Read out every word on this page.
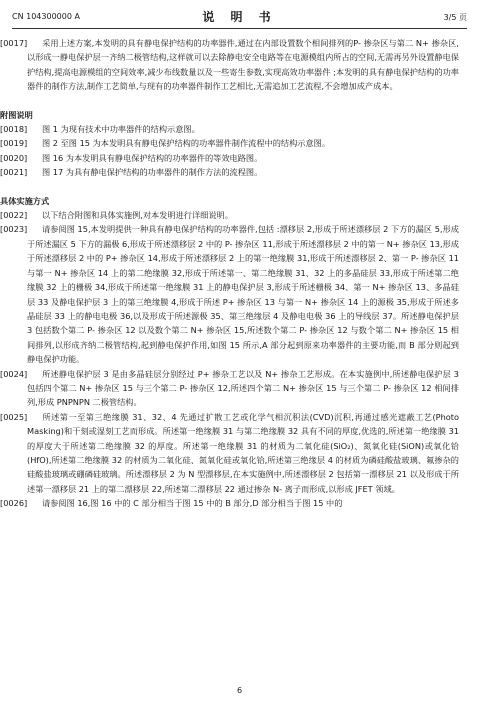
CN 104300000 A	说 明 书	3/5 页

[0017] 采用上述方案,本发明的具有静电保护结构的功率器件,通过在内部设置数个相间排列的P- 掺杂区与第二 N+ 掺杂区,以形成一静电保护层一齐纳二极管结构,这样就可以去除静电安全电路等在电源模组内所占的空间,无需再另外设置静电保护结构,提高电源模组的空间效率,减少布线数量以及一些寄生参数,实现高效功率器件 ;本发明的具有静电保护结构的功率器件的制作方法,制作工艺简单,与现有的功率器件制作工艺相比,无需追加工艺流程,不会增加成产成本。

附图说明

[0018] 图 1 为现有技术中功率器件的结构示意图。

[0019] 图 2 至图 15 为本发明具有静电保护结构的功率器件制作流程中的结构示意图。

[0020] 图 16 为本发明具有静电保护结构的功率器件的等效电路图。

[0021] 图 17 为具有静电保护结构的功率器件的制作方法的流程图。

具体实施方式

[0022] 以下结合附图和具体实施例,对本发明进行详细说明。

[0023] 请参阅图 15,本发明提供一种具有静电保护结构的功率器件,包括 :漂移层 2,形成于所述漂移层 2 下方的漏区 5,形成于所述漏区 5 下方的漏极 6,形成于所述漂移层 2 中的 P- 掺杂区 11,形成于所述漂移层 2 中的第一 N+ 掺杂区 13,形成于所述漂移层 2 中的 P+ 掺杂区 14,形成于所述漂移层 2 上的第一绝缘膜 31,形成于所述漂移层 2、第一 P- 掺杂区 11 与第一 N+ 掺杂区 14 上的第二绝缘膜 32,形成于所述第一、第二绝缘膜 31、32 上的多晶硅层 33,形成于所述第二绝缘膜 32 上的栅极 34,形成于所述第一绝缘膜 31 上的静电保护层 3,形成于所述栅极 34、第一 N+ 掺杂区 13、多晶硅层 33 及静电保护层 3 上的第三绝缘膜 4,形成于所述 P+ 掺杂区 13 与第一 N+ 掺杂区 14 上的源极 35,形成于所述多晶硅层 33 上的静电电极 36,以及形成于所述源极 35、第三绝缘层 4 及静电电极 36 上的导线层 37。所述静电保护层 3 包括数个第二 P- 掺杂区 12 以及数个第二 N+ 掺杂区 15,所述数个第二 P- 掺杂区 12 与数个第二 N+ 掺杂区 15 相间排列,以形成齐纳二极管结构,起到静电保护作用,如图 15 所示,A 部分起到原来功率器件的主要功能,而 B 部分则起到静电保护功能。

[0024] 所述静电保护层 3 是由多晶硅层分别经过 P+ 掺杂工艺以及 N+ 掺杂工艺形成。在本实施例中,所述静电保护层 3 包括四个第二 N+ 掺杂区 15 与三个第二 P- 掺杂区 12,所述四个第二 N+ 掺杂区 15 与三个第二 P- 掺杂区 12 相间排列,形成 PNPNPN 二极管结构。

[0025] 所述第一至第三绝缘膜 31、32、4 先通过扩散工艺或化学气相沉积法(CVD)沉积,再通过感光遮蔽工艺(Photo Masking)和干刻或湿刻工艺而形成。所述第一绝缘膜 31 与第二绝缘膜 32 具有不同的厚度,优选的,所述第一绝缘膜 31 的厚度大于所述第二绝缘膜 32 的厚度。所述第一绝缘膜 31 的材质为二氧化硅(SiO₂)、氮氧化硅(SiON)或氧化铪(HfO),所述第二绝缘膜 32 的材质为二氧化硅、氮氧化硅或氧化铪,所述第三绝缘层 4 的材质为磷硅酸盐玻璃、氟掺杂的硅酸盐玻璃或硼磷硅玻璃。所述漂移层 2 为 N 型漂移层,在本实施例中,所述漂移层 2 包括第一漂移层 21 以及形成于所述第一漂移层 21 上的第二漂移层 22,所述第二漂移层 22 通过掺杂 N- 离子而形成,以形成 JFET 领域。

[0026] 请参阅图 16,图 16 中的 C 部分相当于图 15 中的 B 部分,D 部分相当于图 15 中的

6
